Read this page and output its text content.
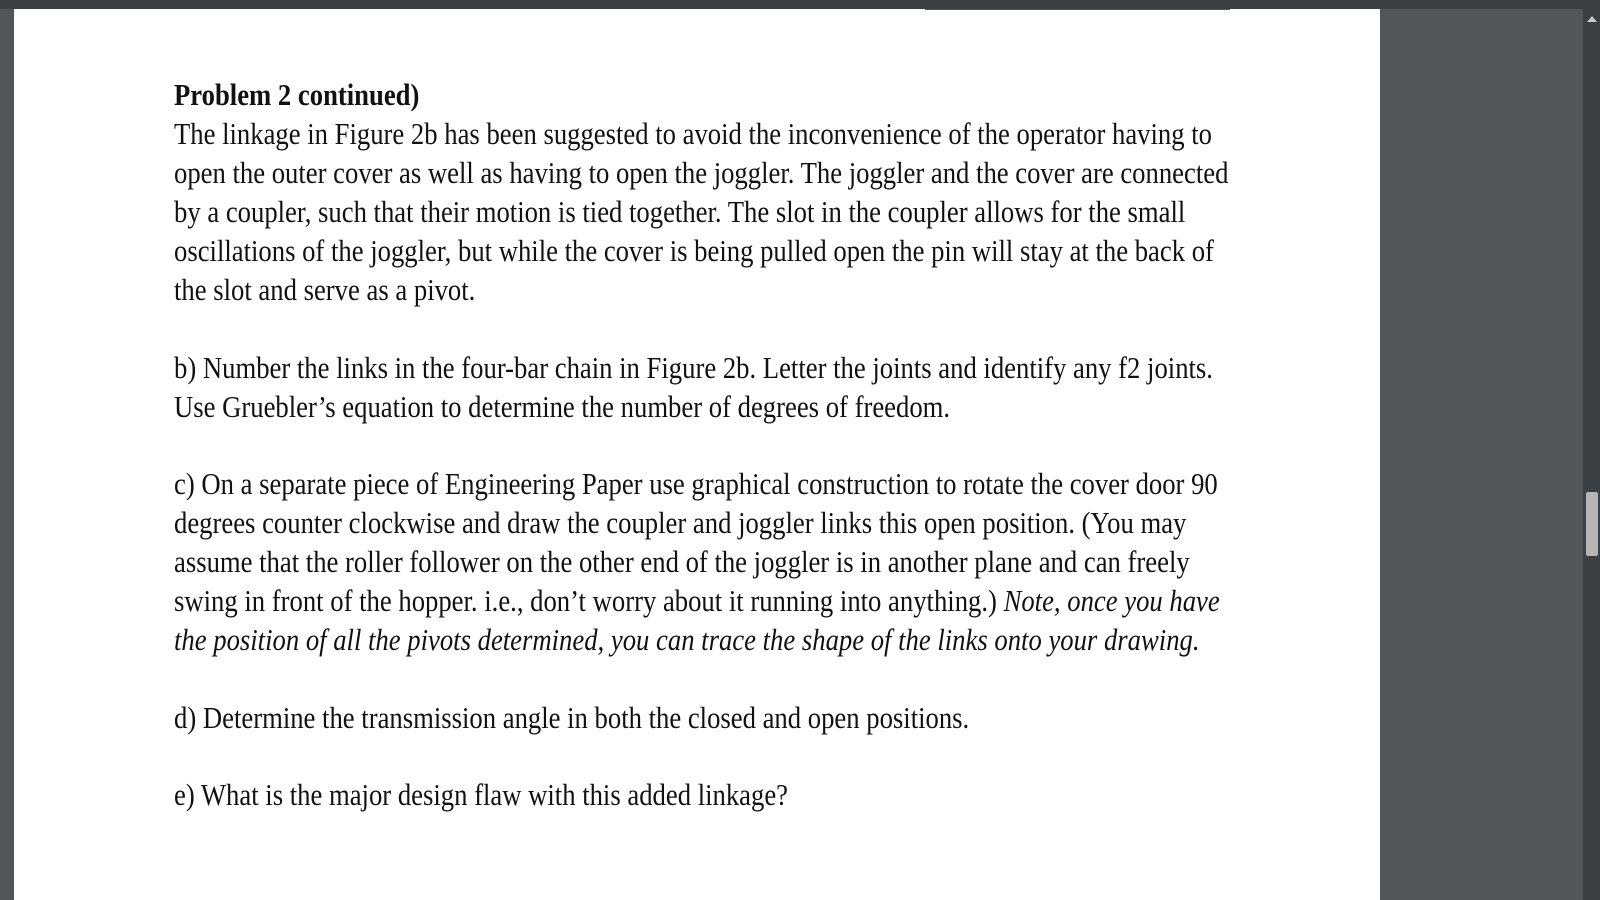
Problem 2 continued)

The linkage in Figure 2b has been suggested to avoid the inconvenience of the operator having to open the outer cover as well as having to open the joggler. The joggler and the cover are connected by a coupler, such that their motion is tied together. The slot in the coupler allows for the small oscillations of the joggler, but while the cover is being pulled open the pin will stay at the back of the slot and serve as a pivot.

b) Number the links in the four-bar chain in Figure 2b. Letter the joints and identify any f2 joints. Use Gruebler’s equation to determine the number of degrees of freedom.

c) On a separate piece of Engineering Paper use graphical construction to rotate the cover door 90 degrees counter clockwise and draw the coupler and joggler links this open position. (You may assume that the roller follower on the other end of the joggler is in another plane and can freely swing in front of the hopper. i.e., don’t worry about it running into anything.) Note, once you have the position of all the pivots determined, you can trace the shape of the links onto your drawing.

d) Determine the transmission angle in both the closed and open positions.

e) What is the major design flaw with this added linkage?
